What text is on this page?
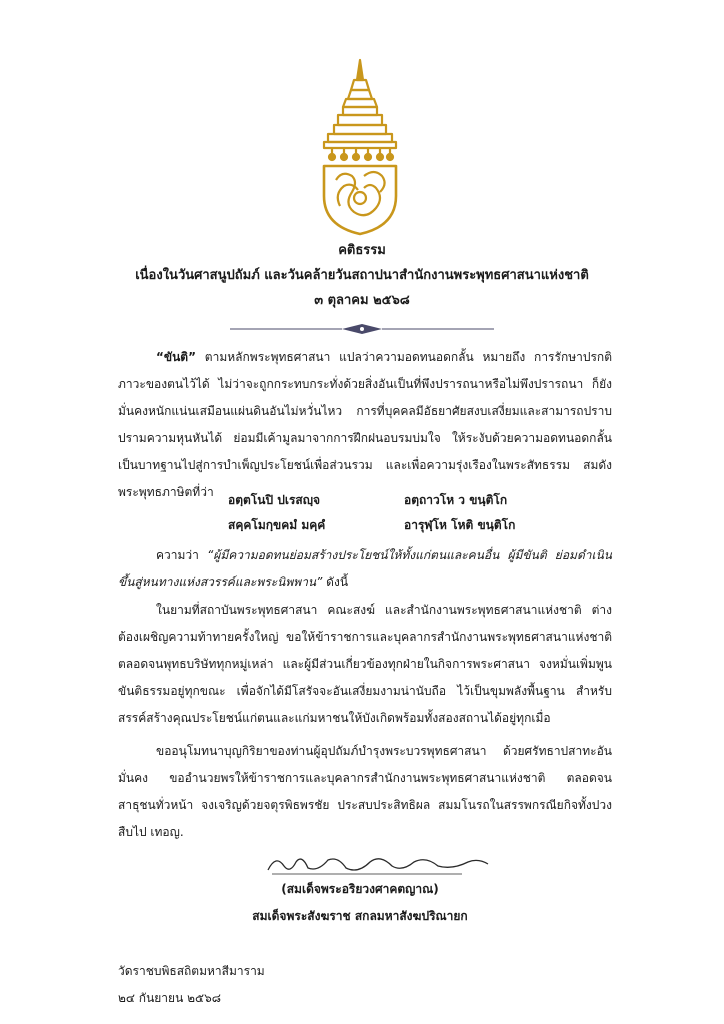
คติธรรม
เนื่องในวันศาสนูปถัมภ์ และวันคล้ายวันสถาปนาสำนักงานพระพุทธศาสนาแห่งชาติ
๓ ตุลาคม ๒๕๖๘

“ขันติ” ตามหลักพระพุทธศาสนา แปลว่าความอดทนอดกลั้น หมายถึง การรักษาปรกติภาวะของตนไว้ได้ ไม่ว่าจะถูกกระทบกระทั่งด้วยสิ่งอันเป็นที่พึงปรารถนาหรือไม่พึงปรารถนา ก็ยังมั่นคงหนักแน่นเสมือนแผ่นดินอันไม่หวั่นไหว การที่บุคคลมีอัธยาศัยสงบเสงี่ยมและสามารถปราบปรามความหุนหันได้ ย่อมมีเค้ามูลมาจากการฝึกฝนอบรมบ่มใจ ให้ระงับด้วยความอดทนอดกลั้น เป็นบาทฐานไปสู่การบำเพ็ญประโยชน์เพื่อส่วนรวม และเพื่อความรุ่งเรืองในพระสัทธรรม สมดังพระพุทธภาษิตที่ว่า

อตฺตโนปิ ปเรสญฺจ	อตฺถาวโห ว ขนฺติโก
สคฺคโมกฺขคมํ มคฺคํ	อารุฬฺโห โหติ ขนฺติโก

ความว่า “ผู้มีความอดทนย่อมสร้างประโยชน์ให้ทั้งแก่ตนและคนอื่น ผู้มีขันติ ย่อมดำเนินขึ้นสู่หนทางแห่งสวรรค์และพระนิพพาน” ดังนี้

ในยามที่สถาบันพระพุทธศาสนา คณะสงฆ์ และสำนักงานพระพุทธศาสนาแห่งชาติ ต่างต้องเผชิญความท้าทายครั้งใหญ่ ขอให้ข้าราชการและบุคลากรสำนักงานพระพุทธศาสนาแห่งชาติ ตลอดจนพุทธบริษัททุกหมู่เหล่า และผู้มีส่วนเกี่ยวข้องทุกฝ่ายในกิจการพระศาสนา จงหมั่นเพิ่มพูนขันติธรรมอยู่ทุกขณะ เพื่อจักได้มีโสรัจจะอันเสงี่ยมงามน่านับถือ ไว้เป็นขุมพลังพื้นฐาน สำหรับสรรค์สร้างคุณประโยชน์แก่ตนและแก่มหาชนให้บังเกิดพร้อมทั้งสองสถานได้อยู่ทุกเมื่อ

ขออนุโมทนาบุญกิริยาของท่านผู้อุปถัมภ์บำรุงพระบวรพุทธศาสนา ด้วยศรัทธาปสาทะอันมั่นคง ขออำนวยพรให้ข้าราชการและบุคลากรสำนักงานพระพุทธศาสนาแห่งชาติ ตลอดจนสาธุชนทั่วหน้า จงเจริญด้วยจตุรพิธพรชัย ประสบประสิทธิผล สมมโนรถในสรรพกรณียกิจทั้งปวงสืบไป เทอญ.

(สมเด็จพระอริยวงศาคตญาณ)
สมเด็จพระสังฆราช สกลมหาสังฆปริณายก
วัดราชบพิธสถิตมหาสีมาราม
๒๔ กันยายน ๒๕๖๘
